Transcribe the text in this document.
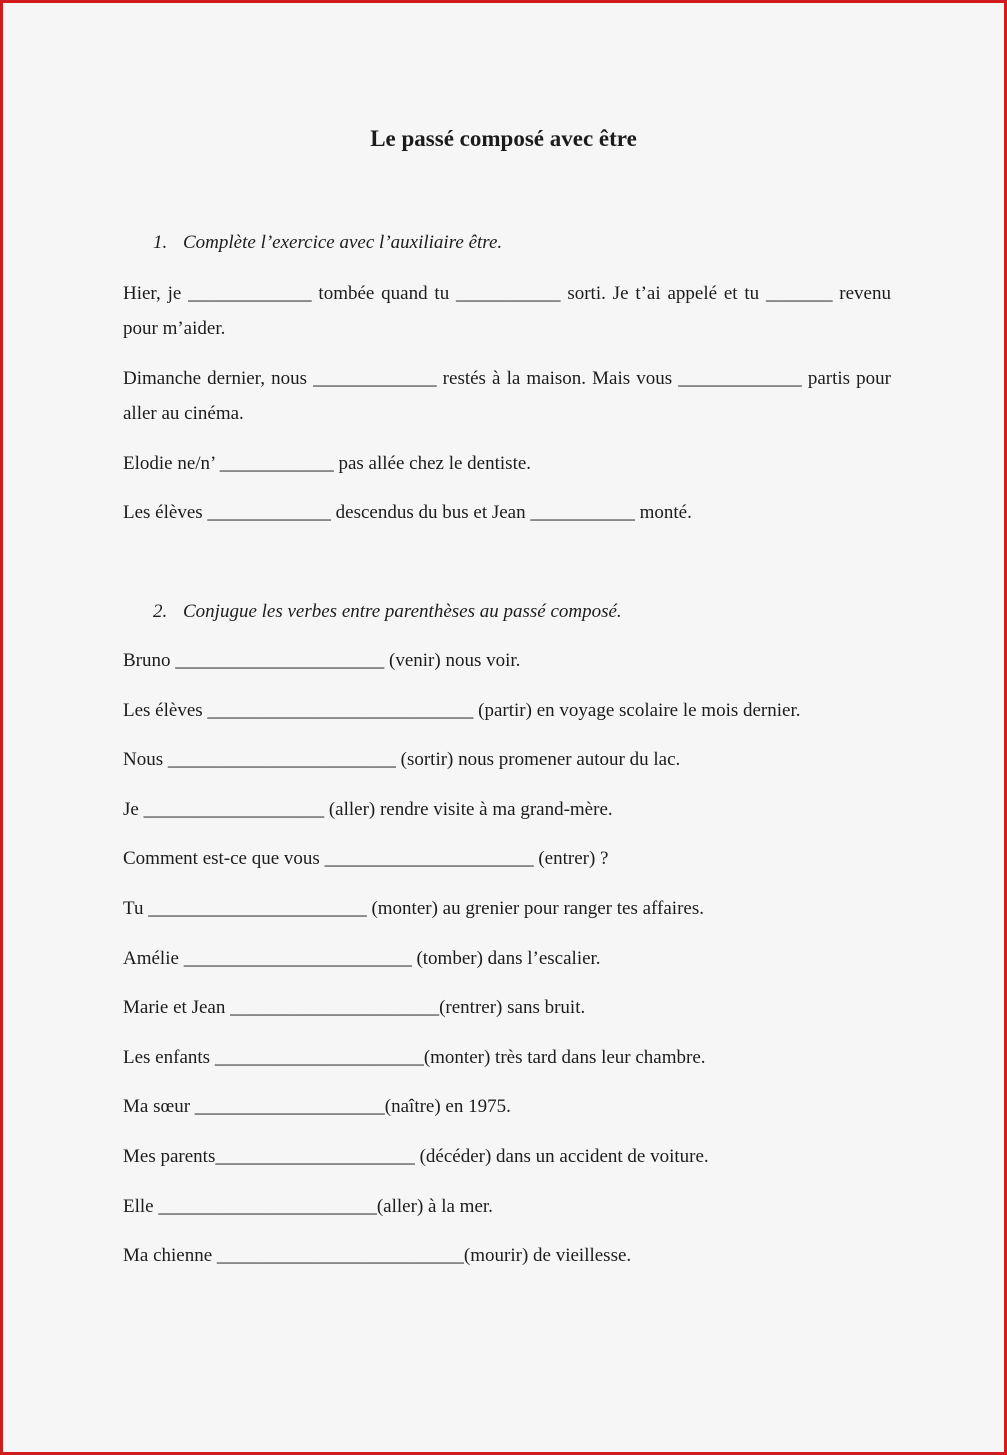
Le passé composé avec être
1. Complète l’exercice avec l’auxiliaire être.
Hier, je _____________ tombée quand tu ___________ sorti. Je t’ai appelé et tu _______ revenu pour m’aider.
Dimanche dernier, nous _____________ restés à la maison. Mais vous _____________ partis pour aller au cinéma.
Elodie ne/n’ ____________ pas allée chez le dentiste.
Les élèves _____________ descendus du bus et Jean ___________ monté.
2. Conjugue les verbes entre parenthèses au passé composé.
Bruno ______________________ (venir) nous voir.
Les élèves ____________________________ (partir) en voyage scolaire le mois dernier.
Nous ________________________ (sortir) nous promener autour du lac.
Je ___________________ (aller) rendre visite à ma grand-mère.
Comment est-ce que vous ______________________ (entrer) ?
Tu _______________________ (monter) au grenier pour ranger tes affaires.
Amélie ________________________ (tomber) dans l’escalier.
Marie et Jean ______________________(rentrer) sans bruit.
Les enfants ______________________(monter) très tard dans leur chambre.
Ma sœur ____________________(naître) en 1975.
Mes parents_____________________ (décéder) dans un accident de voiture.
Elle _______________________(aller) à la mer.
Ma chienne __________________________(mourir) de vieillesse.
